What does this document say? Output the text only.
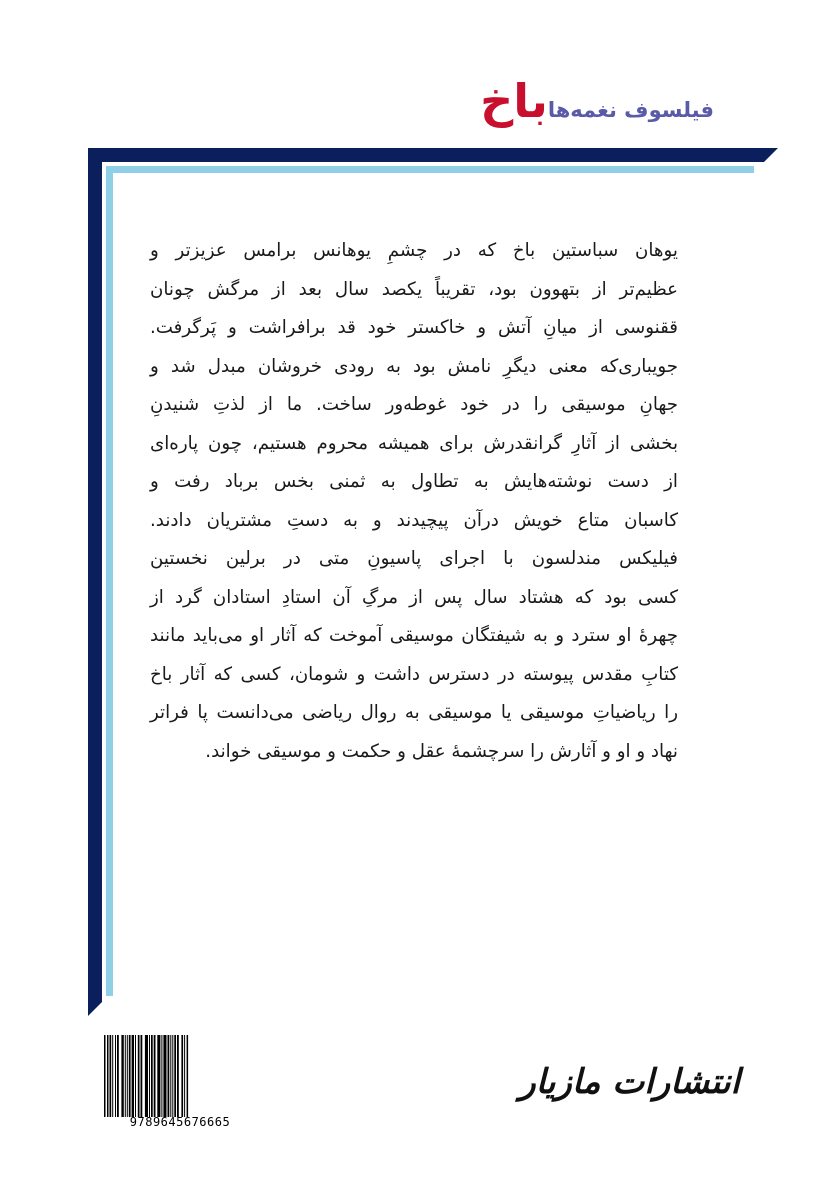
باخ فیلسوف نغمه‌ها
یوهان سباستین باخ که در چشمِ یوهانس برامس عزیزتر و
عظیم‌تر از بتهوون بود، تقریباً یکصد سال بعد از مرگش چونان
ققنوسی از میانِ آتش و خاکستر خود قد برافراشت و پَرگرفت.
جویباری‌که معنی دیگرِ نامش بود به رودی خروشان مبدل شد و
جهانِ موسیقی را در خود غوطه‌ور ساخت. ما از لذتِ شنیدنِ
بخشی از آثارِ گرانقدرش برای همیشه محروم هستیم، چون پاره‌ای
از دست نوشته‌هایش به تطاول به ثمنی بخس برباد رفت و
کاسبان متاع خویش درآن پیچیدند و به دستِ مشتریان دادند.
فیلیکس مندلسون با اجرای پاسیونِ متی در برلین نخستین
کسی بود که هشتاد سال پس از مرگِ آن استادِ استادان گرد از
چهرهٔ او سترد و به شیفتگان موسیقی آموخت که آثار او می‌باید مانند
کتابِ مقدس پیوسته در دسترس داشت و شومان، کسی که آثار باخ
را ریاضیاتِ موسیقی یا موسیقی به روال ریاضی می‌دانست پا فراتر
نهاد و او و آثارش را سرچشمهٔ عقل و حکمت و موسیقی خواند.
9789645676665
انتشارات مازیار
